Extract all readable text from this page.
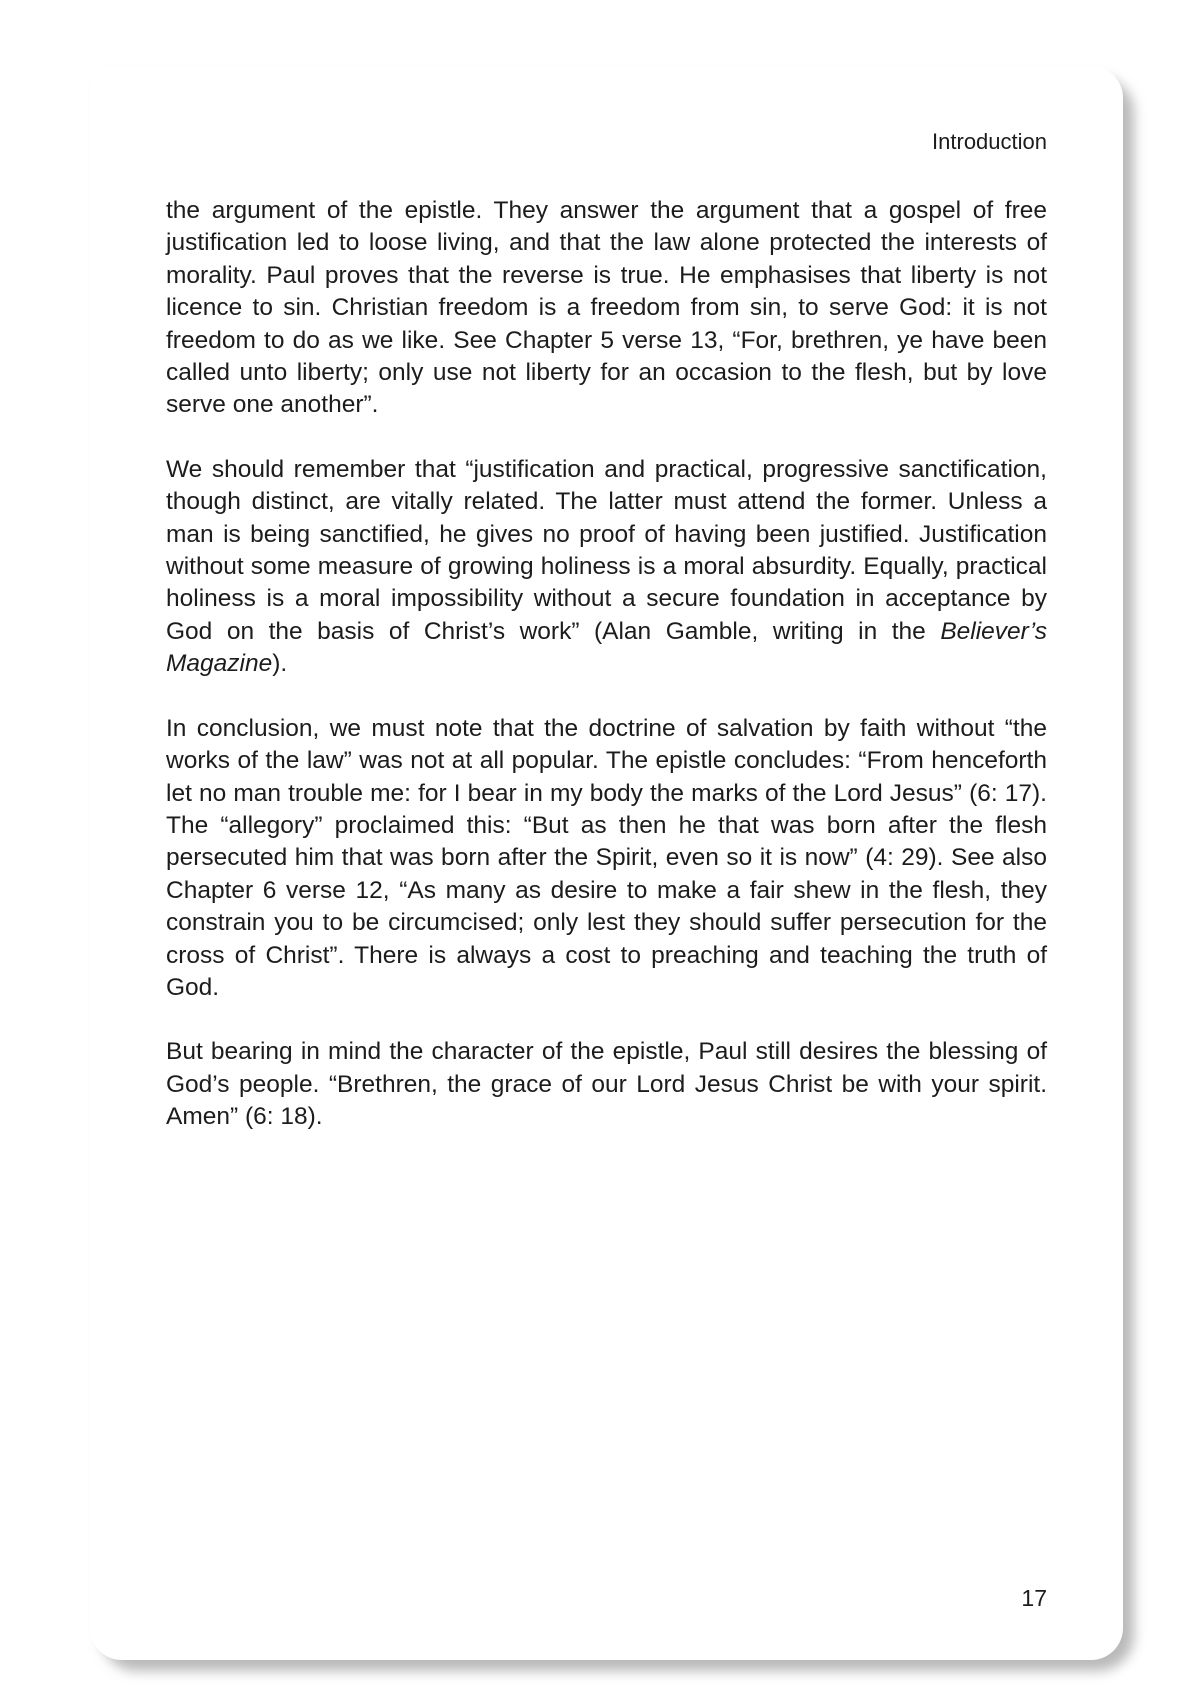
Introduction

the argument of the epistle. They answer the argument that a gospel of free justification led to loose living, and that the law alone protected the interests of morality. Paul proves that the reverse is true. He emphasises that liberty is not licence to sin. Christian freedom is a freedom from sin, to serve God: it is not freedom to do as we like. See Chapter 5 verse 13, “For, brethren, ye have been called unto liberty; only use not liberty for an occasion to the flesh, but by love serve one another”.

We should remember that “justification and practical, progressive sanctification, though distinct, are vitally related. The latter must attend the former. Unless a man is being sanctified, he gives no proof of having been justified. Justification without some measure of growing holiness is a moral absurdity. Equally, practical holiness is a moral impossibility without a secure foundation in acceptance by God on the basis of Christ’s work” (Alan Gamble, writing in the Believer’s Magazine).

In conclusion, we must note that the doctrine of salvation by faith without “the works of the law” was not at all popular. The epistle concludes: “From henceforth let no man trouble me: for I bear in my body the marks of the Lord Jesus” (6: 17). The “allegory” proclaimed this: “But as then he that was born after the flesh persecuted him that was born after the Spirit, even so it is now” (4: 29). See also Chapter 6 verse 12, “As many as desire to make a fair shew in the flesh, they constrain you to be circumcised; only lest they should suffer persecution for the cross of Christ”. There is always a cost to preaching and teaching the truth of God.

But bearing in mind the character of the epistle, Paul still desires the blessing of God’s people. “Brethren, the grace of our Lord Jesus Christ be with your spirit. Amen” (6: 18).

17
